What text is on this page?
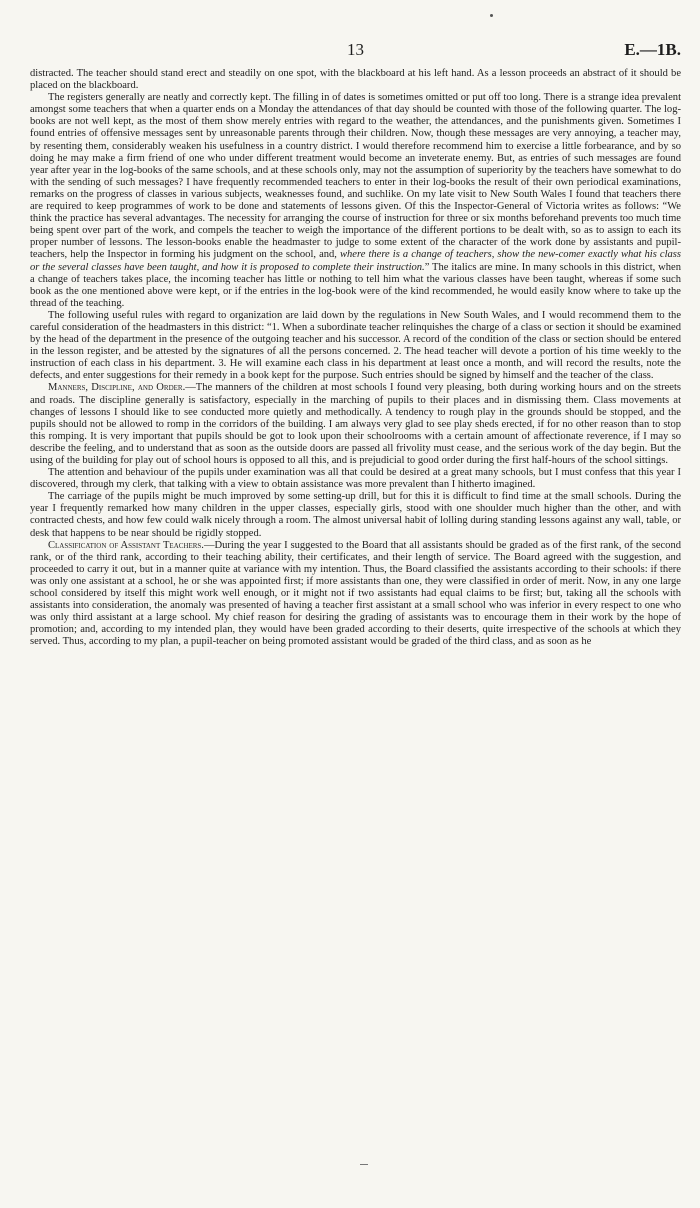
13	E.—1B.

distracted. The teacher should stand erect and steadily on one spot, with the blackboard at his left hand. As a lesson proceeds an abstract of it should be placed on the blackboard.

The registers generally are neatly and correctly kept. The filling in of dates is sometimes omitted or put off too long. There is a strange idea prevalent amongst some teachers that when a quarter ends on a Monday the attendances of that day should be counted with those of the following quarter. The log-books are not well kept, as the most of them show merely entries with regard to the weather, the attendances, and the punishments given. Sometimes I found entries of offensive messages sent by unreasonable parents through their children. Now, though these messages are very annoying, a teacher may, by resenting them, considerably weaken his usefulness in a country district. I would therefore recommend him to exercise a little forbearance, and by so doing he may make a firm friend of one who under different treatment would become an inveterate enemy. But, as entries of such messages are found year after year in the log-books of the same schools, and at these schools only, may not the assumption of superiority by the teachers have somewhat to do with the sending of such messages? I have frequently recommended teachers to enter in their log-books the result of their own periodical examinations, remarks on the progress of classes in various subjects, weaknesses found, and suchlike. On my late visit to New South Wales I found that teachers there are required to keep programmes of work to be done and statements of lessons given. Of this the Inspector-General of Victoria writes as follows: “We think the practice has several advantages. The necessity for arranging the course of instruction for three or six months beforehand prevents too much time being spent over part of the work, and compels the teacher to weigh the importance of the different portions to be dealt with, so as to assign to each its proper number of lessons. The lesson-books enable the headmaster to judge to some extent of the character of the work done by assistants and pupil-teachers, help the Inspector in forming his judgment on the school, and, where there is a change of teachers, show the new-comer exactly what his class or the several classes have been taught, and how it is proposed to complete their instruction.” The italics are mine. In many schools in this district, when a change of teachers takes place, the incoming teacher has little or nothing to tell him what the various classes have been taught, whereas if some such book as the one mentioned above were kept, or if the entries in the log-book were of the kind recommended, he would easily know where to take up the thread of the teaching.

The following useful rules with regard to organization are laid down by the regulations in New South Wales, and I would recommend them to the careful consideration of the headmasters in this district: “1. When a subordinate teacher relinquishes the charge of a class or section it should be examined by the head of the department in the presence of the outgoing teacher and his successor. A record of the condition of the class or section should be entered in the lesson register, and be attested by the signatures of all the persons concerned. 2. The head teacher will devote a portion of his time weekly to the instruction of each class in his department. 3. He will examine each class in his department at least once a month, and will record the results, note the defects, and enter suggestions for their remedy in a book kept for the purpose. Such entries should be signed by himself and the teacher of the class.

Manners, Discipline, and Order.—The manners of the children at most schools I found very pleasing, both during working hours and on the streets and roads. The discipline generally is satisfactory, especially in the marching of pupils to their places and in dismissing them. Class movements at changes of lessons I should like to see conducted more quietly and methodically. A tendency to rough play in the grounds should be stopped, and the pupils should not be allowed to romp in the corridors of the building. I am always very glad to see play sheds erected, if for no other reason than to stop this romping. It is very important that pupils should be got to look upon their schoolrooms with a certain amount of affectionate reverence, if I may so describe the feeling, and to understand that as soon as the outside doors are passed all frivolity must cease, and the serious work of the day begin. But the using of the building for play out of school hours is opposed to all this, and is prejudicial to good order during the first half-hours of the school sittings.

The attention and behaviour of the pupils under examination was all that could be desired at a great many schools, but I must confess that this year I discovered, through my clerk, that talking with a view to obtain assistance was more prevalent than I hitherto imagined.

The carriage of the pupils might be much improved by some setting-up drill, but for this it is difficult to find time at the small schools. During the year I frequently remarked how many children in the upper classes, especially girls, stood with one shoulder much higher than the other, and with contracted chests, and how few could walk nicely through a room. The almost universal habit of lolling during standing lessons against any wall, table, or desk that happens to be near should be rigidly stopped.

Classification of Assistant Teachers.—During the year I suggested to the Board that all assistants should be graded as of the first rank, of the second rank, or of the third rank, according to their teaching ability, their certificates, and their length of service. The Board agreed with the suggestion, and proceeded to carry it out, but in a manner quite at variance with my intention. Thus, the Board classified the assistants according to their schools: if there was only one assistant at a school, he or she was appointed first; if more assistants than one, they were classified in order of merit. Now, in any one large school considered by itself this might work well enough, or it might not if two assistants had equal claims to be first; but, taking all the schools with assistants into consideration, the anomaly was presented of having a teacher first assistant at a small school who was inferior in every respect to one who was only third assistant at a large school. My chief reason for desiring the grading of assistants was to encourage them in their work by the hope of promotion; and, according to my intended plan, they would have been graded according to their deserts, quite irrespective of the schools at which they served. Thus, according to my plan, a pupil-teacher on being promoted assistant would be graded of the third class, and as soon as he
